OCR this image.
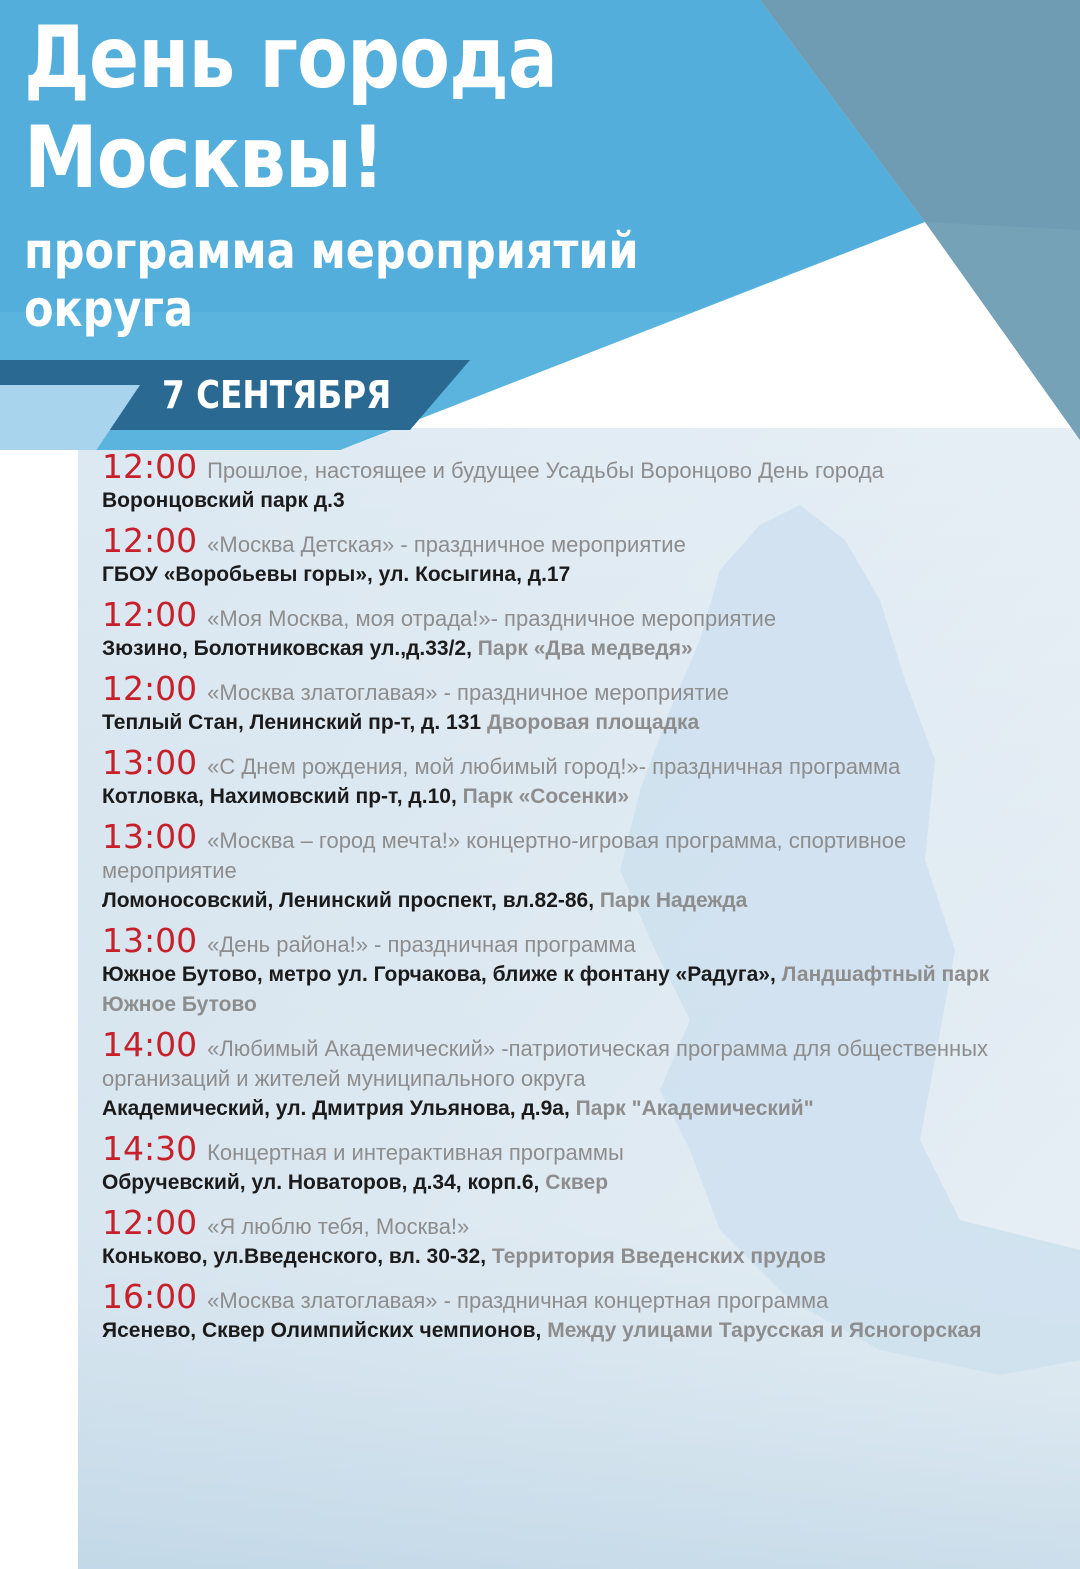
День города
Москвы!
программа мероприятий
округа
7 СЕНТЯБРЯ
12:00 Прошлое, настоящее и будущее Усадьбы Воронцово День города
Воронцовский парк д.3
12:00 «Москва Детская» - праздничное мероприятие
ГБОУ «Воробьевы горы», ул. Косыгина, д.17
12:00 «Моя Москва, моя отрада!»- праздничное мероприятие
Зюзино, Болотниковская ул.,д.33/2, Парк «Два медведя»
12:00 «Москва златоглавая» - праздничное мероприятие
Теплый Стан, Ленинский пр-т, д. 131 Дворовая площадка
13:00 «С Днем рождения, мой любимый город!»- праздничная программа
Котловка, Нахимовский пр-т, д.10, Парк «Сосенки»
13:00 «Москва – город мечта!» концертно-игровая программа, спортивное мероприятие
Ломоносовский, Ленинский проспект, вл.82-86, Парк Надежда
13:00 «День района!» - праздничная программа
Южное Бутово, метро ул. Горчакова, ближе к фонтану «Радуга», Ландшафтный парк Южное Бутово
14:00 «Любимый Академический» -патриотическая программа для общественных организаций и жителей муниципального округа
Академический, ул. Дмитрия Ульянова, д.9а, Парк "Академический"
14:30 Концертная и интерактивная программы
Обручевский, ул. Новаторов, д.34, корп.6, Сквер
12:00 «Я люблю тебя, Москва!»
Коньково, ул.Введенского, вл. 30-32, Территория Введенских прудов
16:00 «Москва златоглавая» - праздничная концертная программа
Ясенево, Сквер Олимпийских чемпионов, Между улицами Тарусская и Ясногорская
